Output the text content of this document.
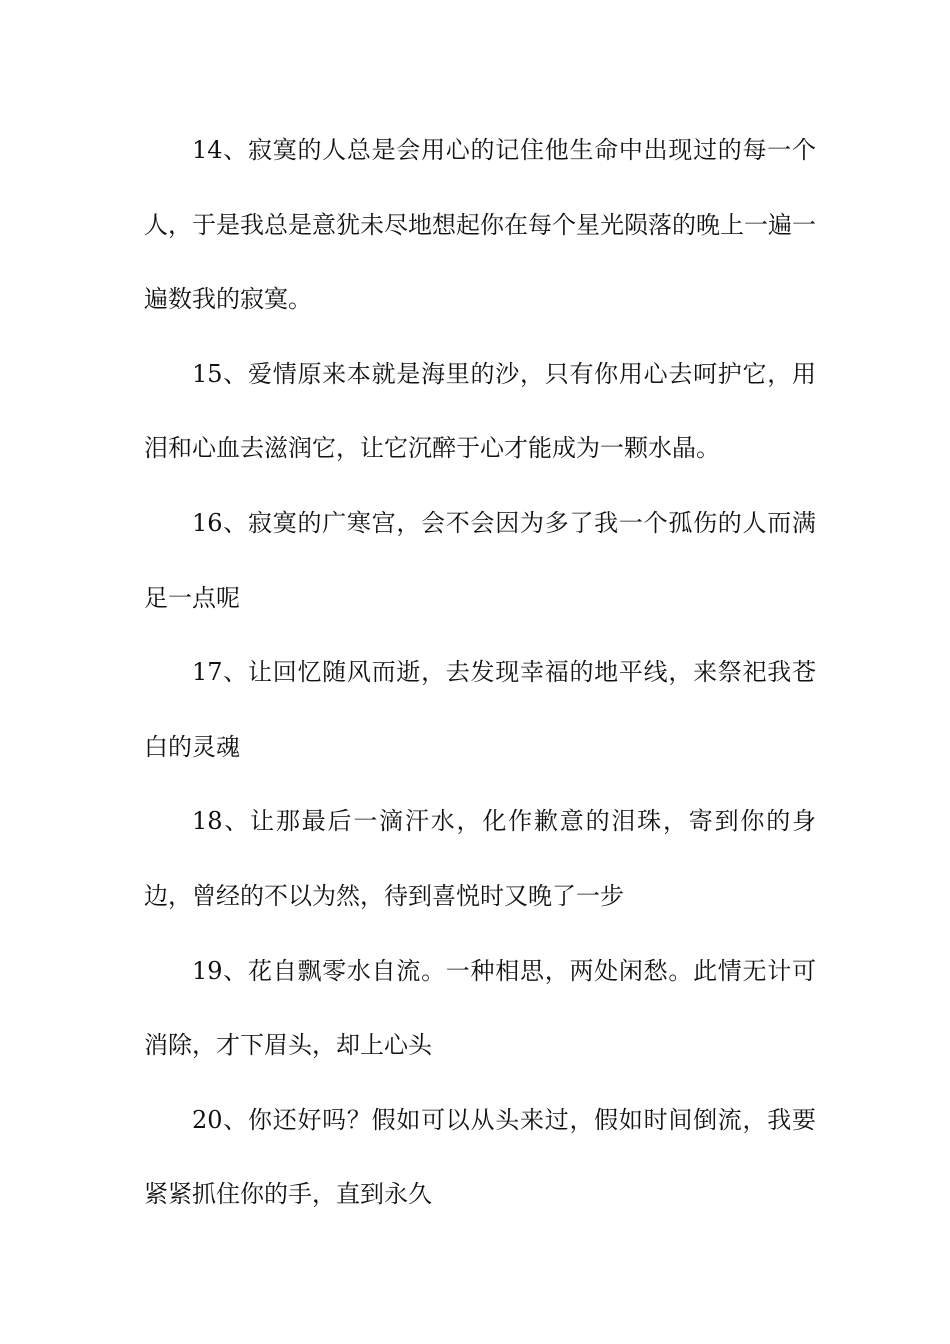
14、寂寞的人总是会用心的记住他生命中出现过的每一个人，于是我总是意犹未尽地想起你在每个星光陨落的晚上一遍一遍数我的寂寞。

15、爱情原来本就是海里的沙，只有你用心去呵护它，用泪和心血去滋润它，让它沉醉于心才能成为一颗水晶。

16、寂寞的广寒宫，会不会因为多了我一个孤伤的人而满足一点呢

17、让回忆随风而逝，去发现幸福的地平线，来祭祀我苍白的灵魂

18、让那最后一滴汗水，化作歉意的泪珠，寄到你的身边，曾经的不以为然，待到喜悦时又晚了一步

19、花自飘零水自流。一种相思，两处闲愁。此情无计可消除，才下眉头，却上心头

20、你还好吗？假如可以从头来过，假如时间倒流，我要紧紧抓住你的手，直到永久
